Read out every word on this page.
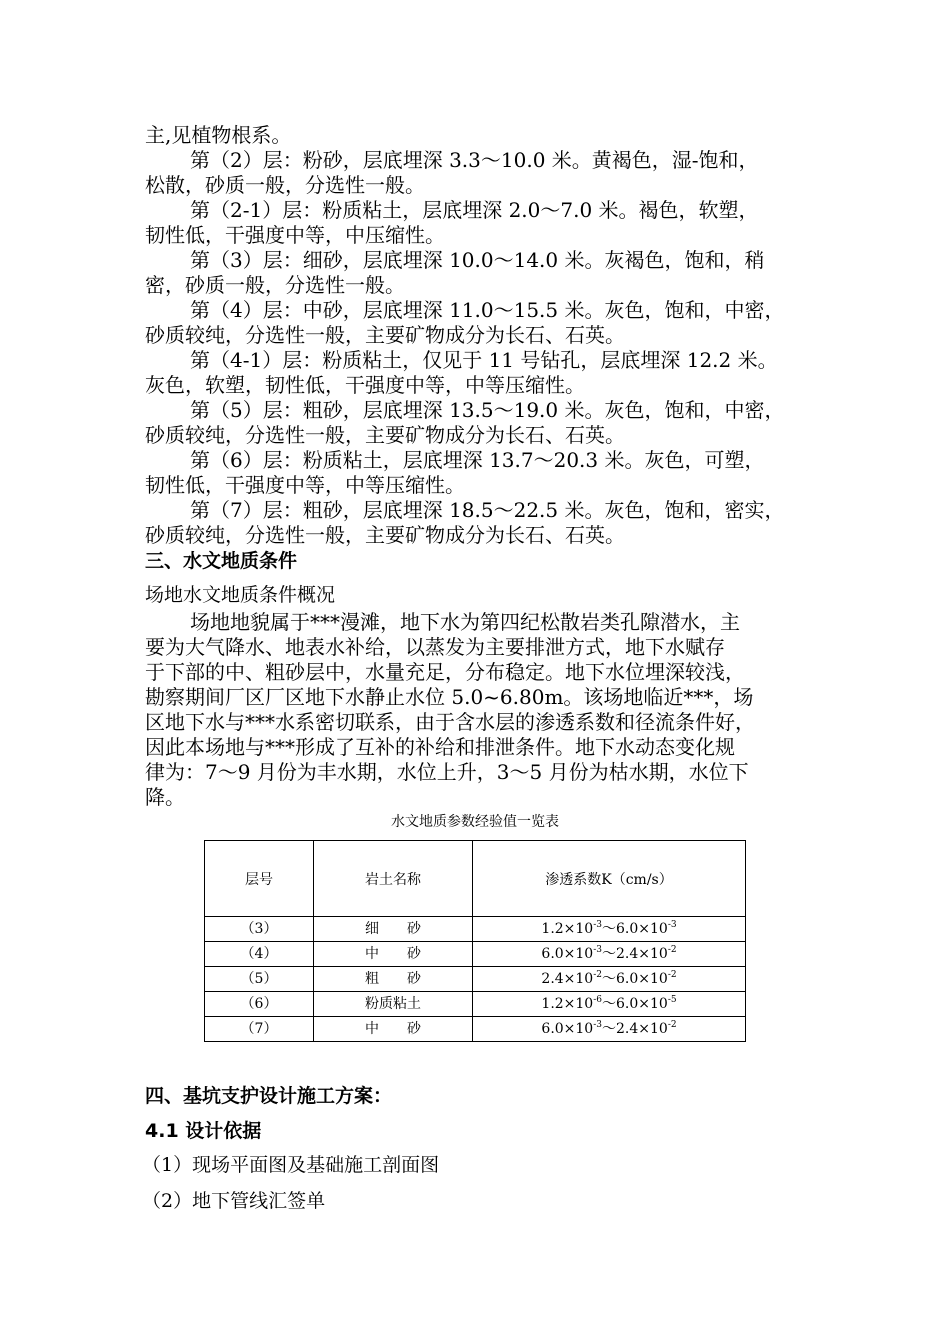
主,见植物根系。
第（2）层：粉砂，层底埋深 3.3～10.0 米。黄褐色，湿-饱和，
松散，砂质一般，分选性一般。
第（2-1）层：粉质粘土，层底埋深 2.0～7.0 米。褐色，软塑，
韧性低，干强度中等，中压缩性。
第（3）层：细砂，层底埋深 10.0～14.0 米。灰褐色，饱和，稍
密，砂质一般，分选性一般。
第（4）层：中砂，层底埋深 11.0～15.5 米。灰色，饱和，中密，
砂质较纯，分选性一般，主要矿物成分为长石、石英。
第（4-1）层：粉质粘土，仅见于 11 号钻孔，层底埋深 12.2 米。
灰色，软塑，韧性低，干强度中等，中等压缩性。
第（5）层：粗砂，层底埋深 13.5～19.0 米。灰色，饱和，中密，
砂质较纯，分选性一般，主要矿物成分为长石、石英。
第（6）层：粉质粘土，层底埋深 13.7～20.3 米。灰色，可塑，
韧性低，干强度中等，中等压缩性。
第（7）层：粗砂，层底埋深 18.5～22.5 米。灰色，饱和，密实，
砂质较纯，分选性一般，主要矿物成分为长石、石英。
三、水文地质条件
场地水文地质条件概况
场地地貌属于***漫滩，地下水为第四纪松散岩类孔隙潜水，主
要为大气降水、地表水补给，以蒸发为主要排泄方式，地下水赋存
于下部的中、粗砂层中，水量充足，分布稳定。地下水位埋深较浅，
勘察期间厂区厂区地下水静止水位 5.0~6.80m。该场地临近***，场
区地下水与***水系密切联系，由于含水层的渗透系数和径流条件好，
因此本场地与***形成了互补的补给和排泄条件。地下水动态变化规
律为：7～9 月份为丰水期，水位上升，3～5 月份为枯水期，水位下
降。
水文地质参数经验值一览表
层号	岩土名称	渗透系数K（cm/s）
（3）	细　　砂	$1.2\times 10^{-3}\sim 6.0\times 10^{-3}$
（4）	中　　砂	$6.0\times 10^{-3}\sim 2.4\times 10^{-2}$
（5）	粗　　砂	$2.4\times 10^{-2}\sim 6.0\times 10^{-2}$
（6）	粉质粘土	$1.2\times 10^{-6}\sim 6.0\times 10^{-5}$
（7）	中　　砂	$6.0\times 10^{-3}\sim 2.4\times 10^{-2}$
四、基坑支护设计施工方案：
4.1 设计依据
（1）现场平面图及基础施工剖面图
（2）地下管线汇签单
